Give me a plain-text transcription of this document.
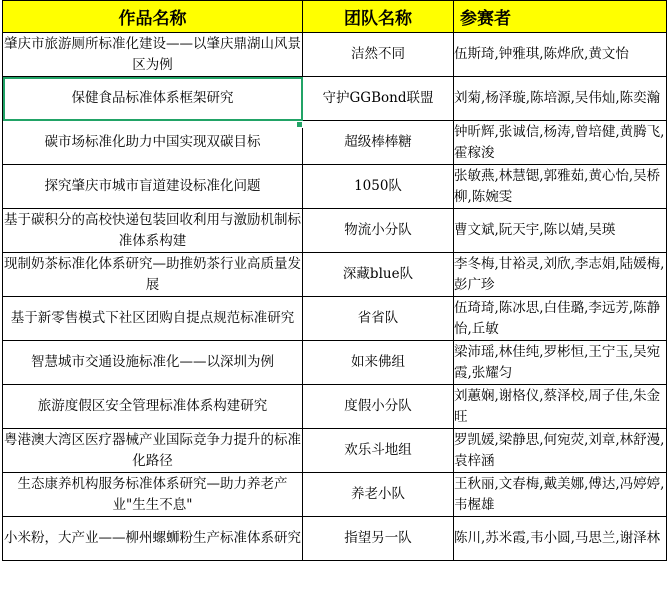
作品名称	团队名称	参赛者
肇庆市旅游厕所标准化建设——以肇庆鼎湖山风景区为例	洁然不同	伍斯琦,钟雅琪,陈烨欣,黄文怡
保健食品标准体系框架研究	守护GGBond联盟	刘菊,杨泽璇,陈培源,吴伟灿,陈奕瀚
碳市场标准化助力中国实现双碳目标	超级棒棒糖	钟昕辉,张诚信,杨涛,曾培健,黄腾飞,霍稼浚
探究肇庆市城市盲道建设标准化问题	1050队	张敏燕,林慧锶,郭雅茹,黄心怡,吴桥柳,陈婉雯
基于碳积分的高校快递包装回收利用与激励机制标准体系构建	物流小分队	曹文斌,阮天宇,陈以婧,吴瑛
现制奶茶标准化体系研究—助推奶茶行业高质量发展	深藏blue队	李冬梅,甘裕灵,刘欣,李志娟,陆媛梅,彭广珍
基于新零售模式下社区团购自提点规范标准研究	省省队	伍琦琦,陈冰思,白佳璐,李远芳,陈静怡,丘敏
智慧城市交通设施标准化——以深圳为例	如来佛组	梁沛瑶,林佳纯,罗彬恒,王宁玉,吴宛霞,张耀匀
旅游度假区安全管理标准体系构建研究	度假小分队	刘蕙娴,谢格仪,蔡泽校,周子佳,朱金旺
粤港澳大湾区医疗器械产业国际竞争力提升的标准化路径	欢乐斗地组	罗凯媛,梁静思,何宛荧,刘章,林舒漫,袁梓涵
生态康养机构服务标准体系研究—助力养老产业"生生不息"	养老小队	王秋丽,文春梅,戴美娜,傅达,冯婷婷,韦楃雄
小米粉，大产业——柳州螺蛳粉生产标准体系研究	指望另一队	陈川,苏米霞,韦小圆,马思兰,谢泽林
